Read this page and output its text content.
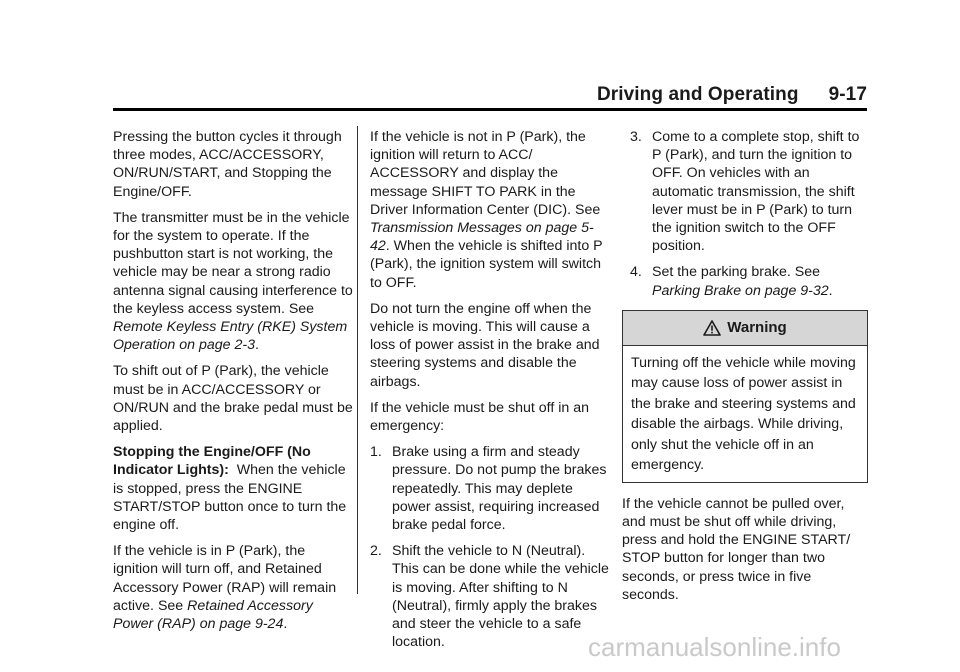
Driving and Operating 9-17

Pressing the button cycles it through three modes, ACC/ACCESSORY, ON/RUN/START, and Stopping the Engine/OFF.

The transmitter must be in the vehicle for the system to operate. If the pushbutton start is not working, the vehicle may be near a strong radio antenna signal causing interference to the keyless access system. See Remote Keyless Entry (RKE) System Operation on page 2-3.

To shift out of P (Park), the vehicle must be in ACC/ACCESSORY or ON/RUN and the brake pedal must be applied.

Stopping the Engine/OFF (No Indicator Lights): When the vehicle is stopped, press the ENGINE START/STOP button once to turn the engine off.

If the vehicle is in P (Park), the ignition will turn off, and Retained Accessory Power (RAP) will remain active. See Retained Accessory Power (RAP) on page 9-24.

If the vehicle is not in P (Park), the ignition will return to ACC/ ACCESSORY and display the message SHIFT TO PARK in the Driver Information Center (DIC). See Transmission Messages on page 5-42. When the vehicle is shifted into P (Park), the ignition system will switch to OFF.

Do not turn the engine off when the vehicle is moving. This will cause a loss of power assist in the brake and steering systems and disable the airbags.

If the vehicle must be shut off in an emergency:

1. Brake using a firm and steady pressure. Do not pump the brakes repeatedly. This may deplete power assist, requiring increased brake pedal force.
2. Shift the vehicle to N (Neutral). This can be done while the vehicle is moving. After shifting to N (Neutral), firmly apply the brakes and steer the vehicle to a safe location.
3. Come to a complete stop, shift to P (Park), and turn the ignition to OFF. On vehicles with an automatic transmission, the shift lever must be in P (Park) to turn the ignition switch to the OFF position.
4. Set the parking brake. See Parking Brake on page 9-32.
Warning
Turning off the vehicle while moving may cause loss of power assist in the brake and steering systems and disable the airbags. While driving, only shut the vehicle off in an emergency.

If the vehicle cannot be pulled over, and must be shut off while driving, press and hold the ENGINE START/ STOP button for longer than two seconds, or press twice in five seconds.

carmanualsonline.info
